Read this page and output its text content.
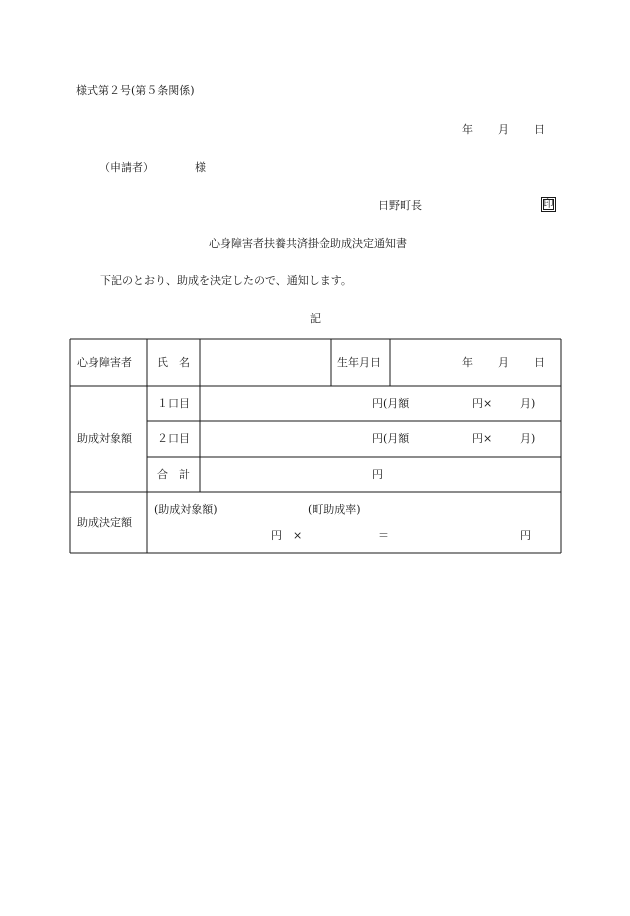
様式第２号(第５条関係)
年 月 日
（申請者）	様
日野町長	印
心身障害者扶養共済掛金助成決定通知書
下記のとおり、助成を決定したので、通知します。
記
心身障害者 氏　名	生年月日	年 月 日
助成対象額
１口目	円(月額	円×	月)
２口目	円(月額	円×	月)
合　計	円
助成決定額
(助成対象額)	(町助成率)
円　×	＝	円
